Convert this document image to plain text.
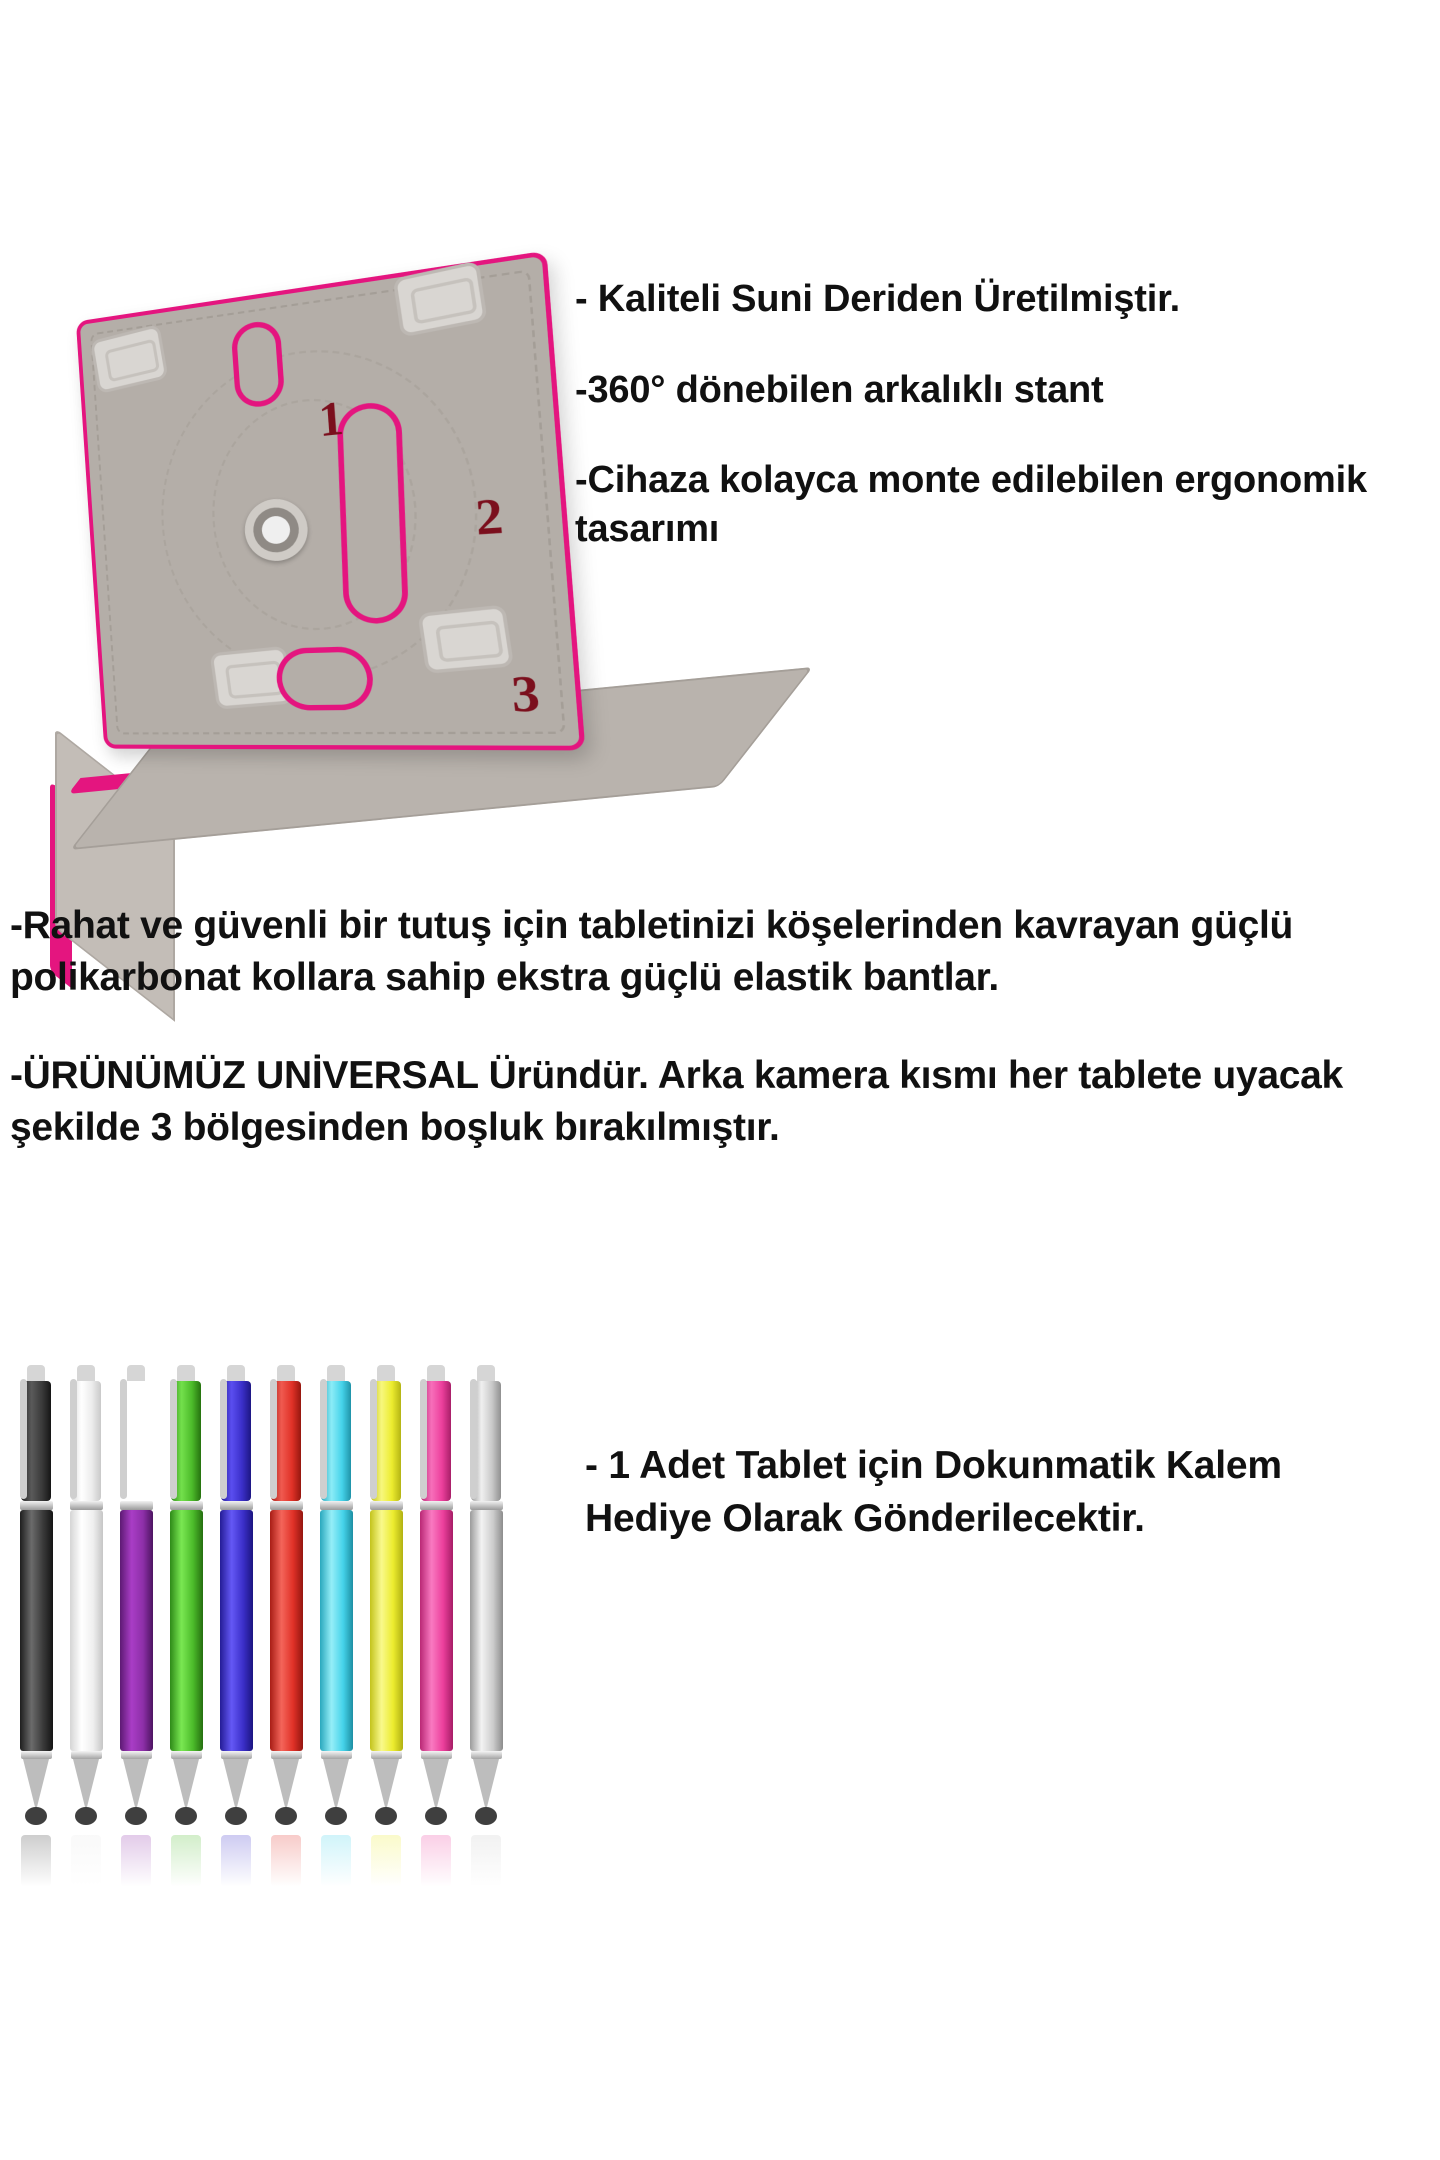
1
2
3

- Kaliteli Suni Deriden Üretilmiştir.

-360° dönebilen arkalıklı stant

-Cihaza kolayca monte edilebilen ergonomik tasarımı

-Rahat ve güvenli bir tutuş için tabletinizi köşelerinden kavrayan güçlü polikarbonat kollara sahip ekstra güçlü elastik bantlar.

-ÜRÜNÜMÜZ UNİVERSAL Üründür. Arka kamera kısmı her tablete uyacak şekilde 3 bölgesinden boşluk bırakılmıştır.

- 1 Adet Tablet için Dokunmatik Kalem Hediye Olarak Gönderilecektir.
